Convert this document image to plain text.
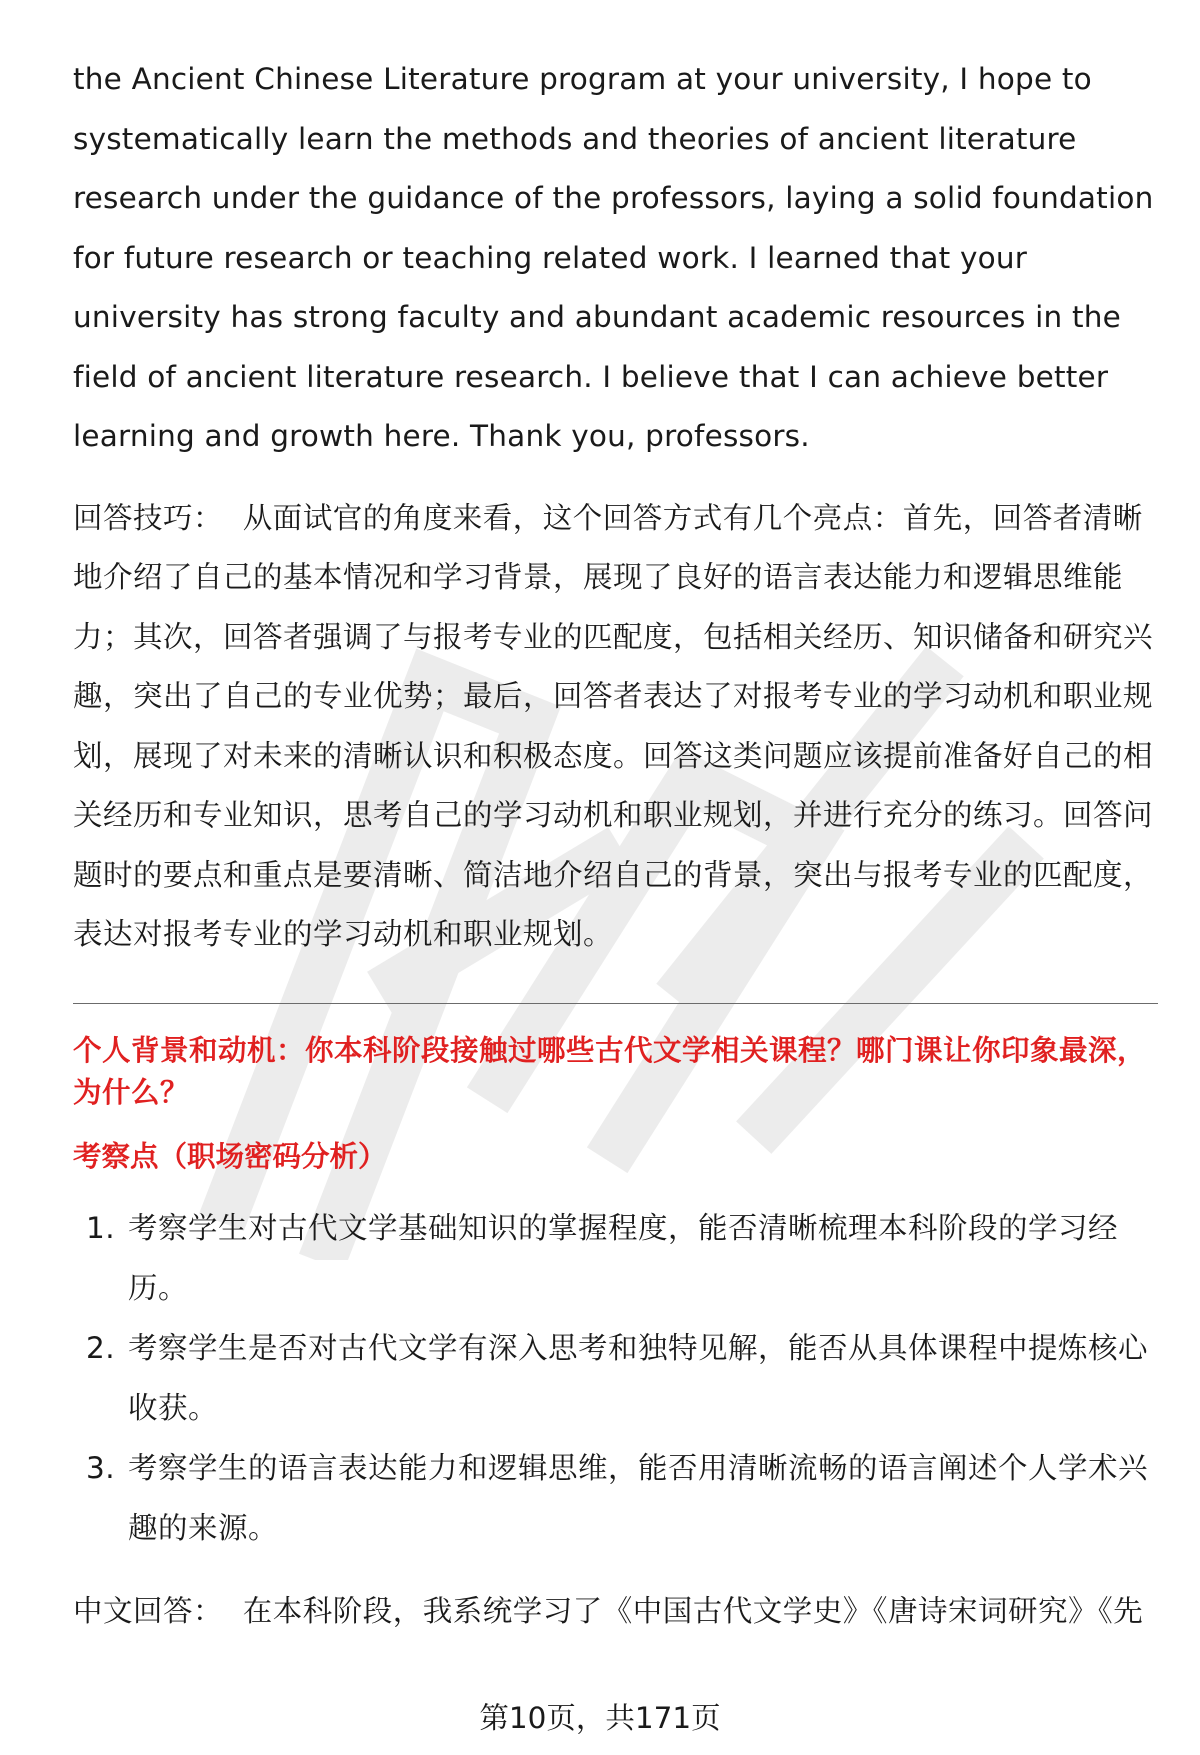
the Ancient Chinese Literature program at your university, I hope to systematically learn the methods and theories of ancient literature research under the guidance of the professors, laying a solid foundation for future research or teaching related work. I learned that your university has strong faculty and abundant academic resources in the field of ancient literature research. I believe that I can achieve better learning and growth here. Thank you, professors.

回答技巧： 从面试官的角度来看，这个回答方式有几个亮点：首先，回答者清晰地介绍了自己的基本情况和学习背景，展现了良好的语言表达能力和逻辑思维能力；其次，回答者强调了与报考专业的匹配度，包括相关经历、知识储备和研究兴趣，突出了自己的专业优势；最后，回答者表达了对报考专业的学习动机和职业规划，展现了对未来的清晰认识和积极态度。回答这类问题应该提前准备好自己的相关经历和专业知识，思考自己的学习动机和职业规划，并进行充分的练习。回答问题时的要点和重点是要清晰、简洁地介绍自己的背景，突出与报考专业的匹配度，表达对报考专业的学习动机和职业规划。

个人背景和动机：你本科阶段接触过哪些古代文学相关课程？哪门课让你印象最深，为什么？
考察点（职场密码分析）
1. 考察学生对古代文学基础知识的掌握程度，能否清晰梳理本科阶段的学习经历。
2. 考察学生是否对古代文学有深入思考和独特见解，能否从具体课程中提炼核心收获。
3. 考察学生的语言表达能力和逻辑思维，能否用清晰流畅的语言阐述个人学术兴趣的来源。

中文回答： 在本科阶段，我系统学习了《中国古代文学史》《唐诗宋词研究》《先

第10页，共171页
